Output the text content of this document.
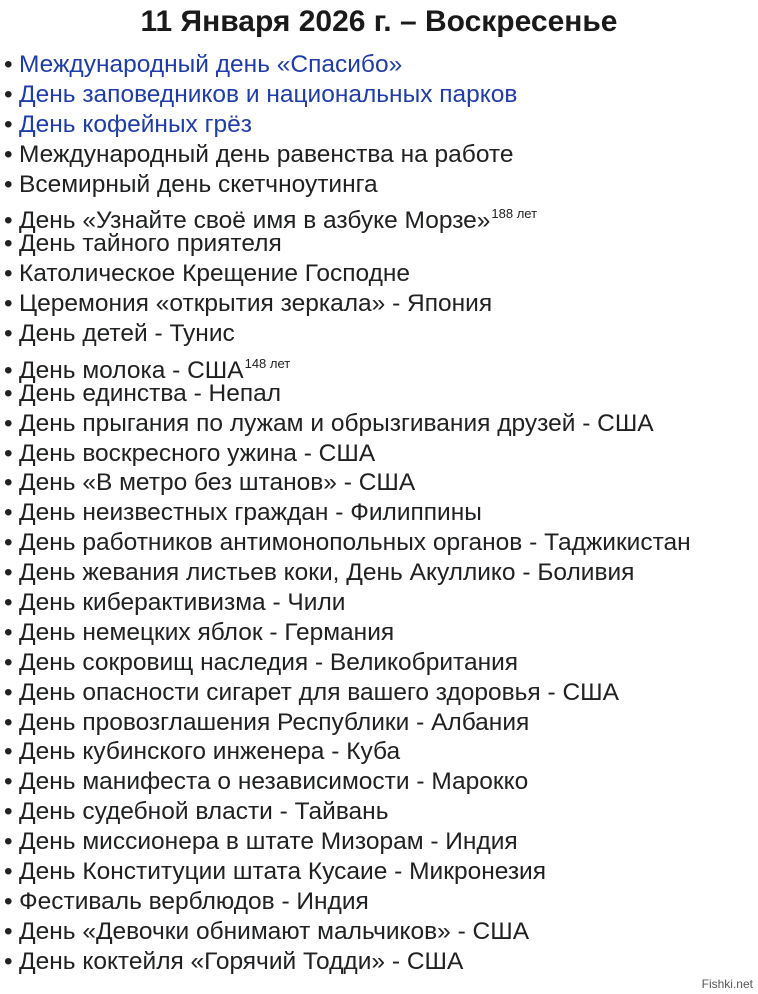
11 Января 2026 г. – Воскресенье
• Международный день «Спасибо»
• День заповедников и национальных парков
• День кофейных грёз
• Международный день равенства на работе
• Всемирный день скетчноутинга
• День «Узнайте своё имя в азбуке Морзе»$^{188 лет}$
• День тайного приятеля
• Католическое Крещение Господне
• Церемония «открытия зеркала» - Япония
• День детей - Тунис
• День молока - $США^{148 лет}$
• День единства - Непал
• День прыгания по лужам и обрызгивания друзей - США
• День воскресного ужина - США
• День «В метро без штанов» - США
• День неизвестных граждан - Филиппины
• День работников антимонопольных органов - Таджикистан
• День жевания листьев коки, День Акуллико - Боливия
• День киберактивизма - Чили
• День немецких яблок - Германия
• День сокровищ наследия - Великобритания
• День опасности сигарет для вашего здоровья - США
• День провозглашения Республики - Албания
• День кубинского инженера - Куба
• День манифеста о независимости - Марокко
• День судебной власти - Тайвань
• День миссионера в штате Мизорам - Индия
• День Конституции штата Кусаие - Микронезия
• Фестиваль верблюдов - Индия
• День «Девочки обнимают мальчиков» - США
• День коктейля «Горячий Тодди» - США
Fishki.net
